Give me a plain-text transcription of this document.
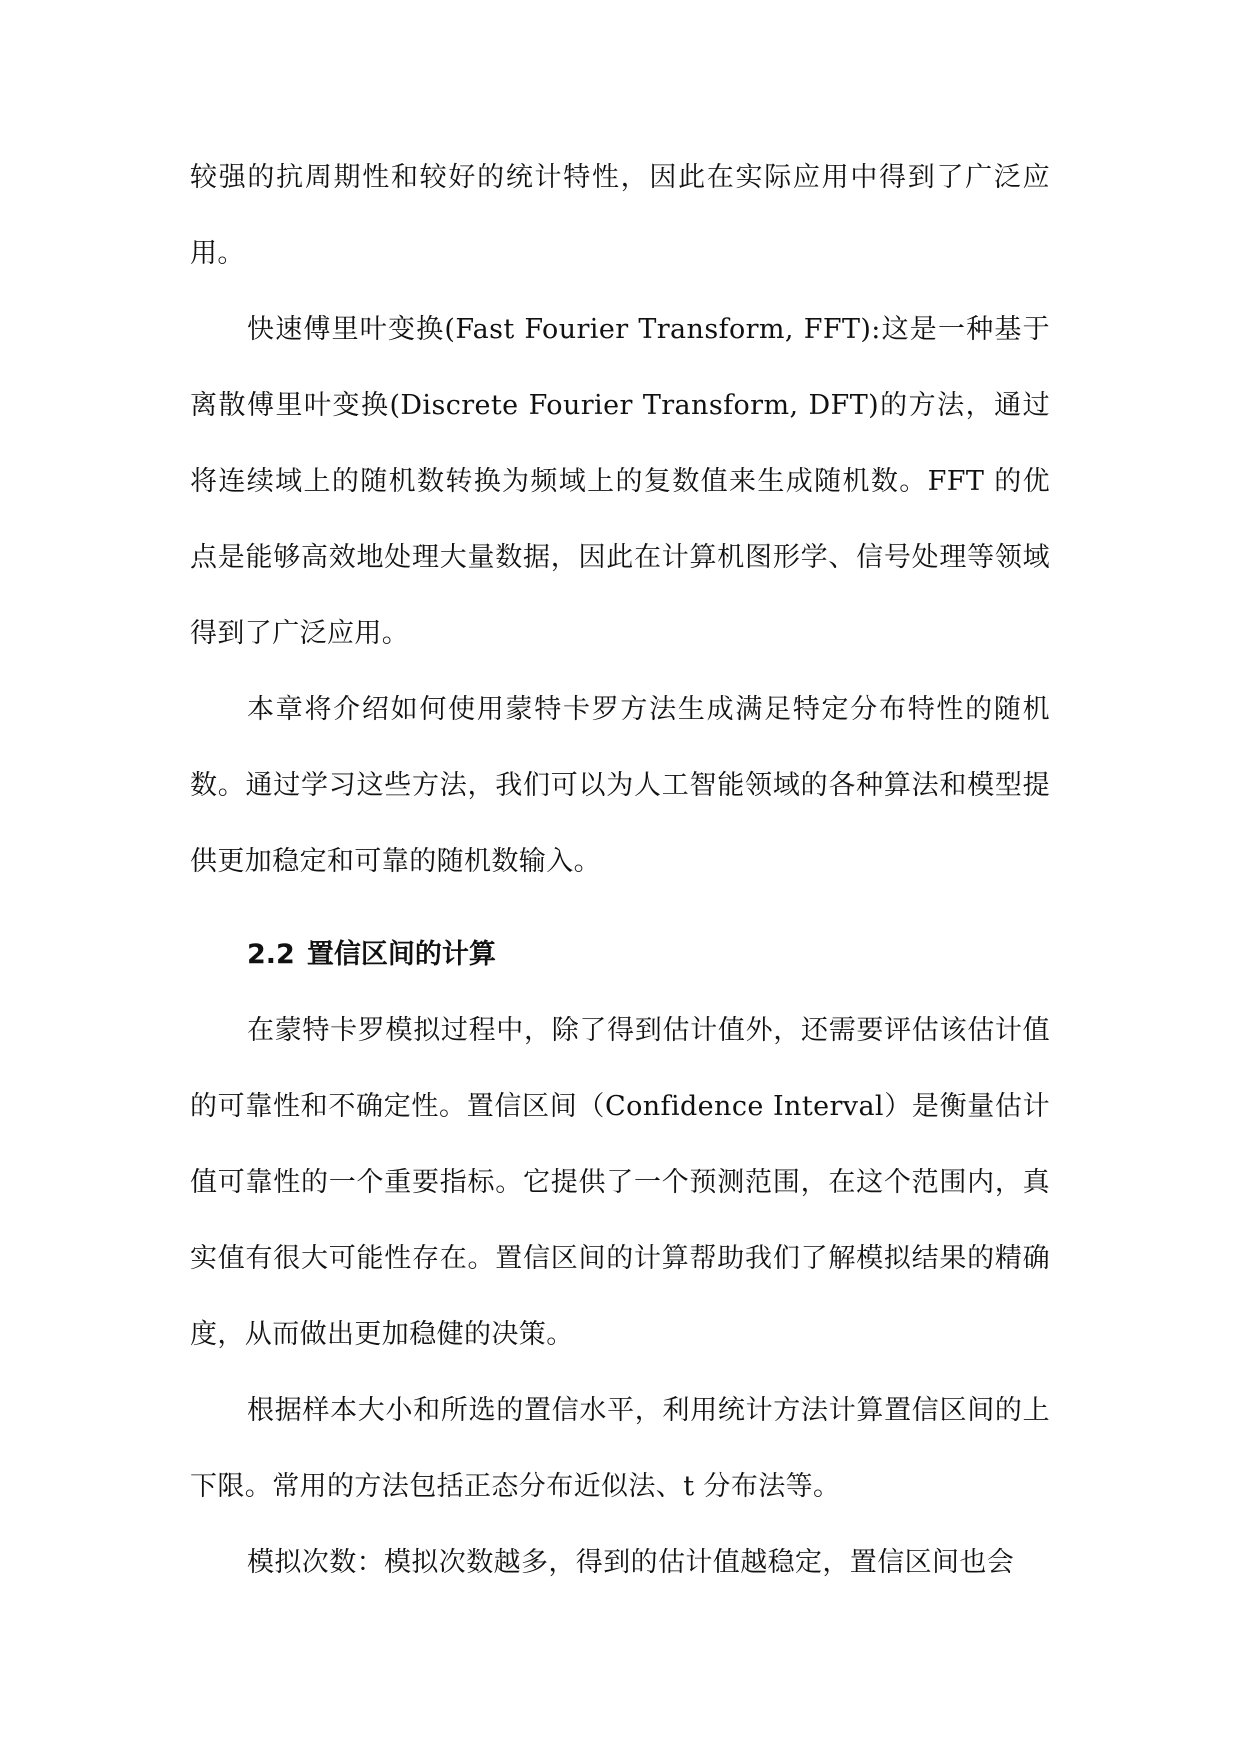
较强的抗周期性和较好的统计特性，因此在实际应用中得到了广泛应用。

快速傅里叶变换(Fast Fourier Transform, FFT):这是一种基于离散傅里叶变换(Discrete Fourier Transform, DFT)的方法，通过将连续域上的随机数转换为频域上的复数值来生成随机数。FFT 的优点是能够高效地处理大量数据，因此在计算机图形学、信号处理等领域得到了广泛应用。

本章将介绍如何使用蒙特卡罗方法生成满足特定分布特性的随机数。通过学习这些方法，我们可以为人工智能领域的各种算法和模型提供更加稳定和可靠的随机数输入。

2.2 置信区间的计算

在蒙特卡罗模拟过程中，除了得到估计值外，还需要评估该估计值的可靠性和不确定性。置信区间（Confidence Interval）是衡量估计值可靠性的一个重要指标。它提供了一个预测范围，在这个范围内，真实值有很大可能性存在。置信区间的计算帮助我们了解模拟结果的精确度，从而做出更加稳健的决策。

根据样本大小和所选的置信水平，利用统计方法计算置信区间的上下限。常用的方法包括正态分布近似法、t 分布法等。

模拟次数：模拟次数越多，得到的估计值越稳定，置信区间也会
